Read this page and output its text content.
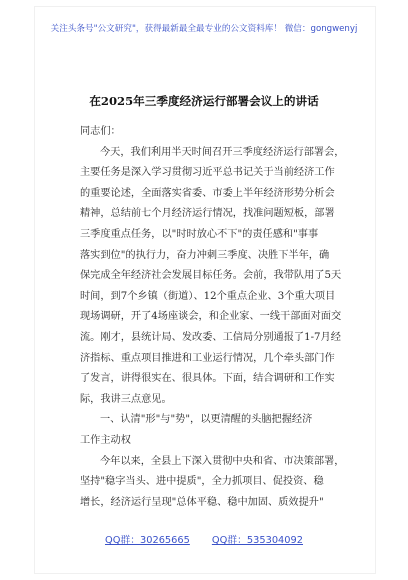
关注头条号"公文研究"，获得最新最全最专业的公文资料库！ 微信：gongwenyj
在2025年三季度经济运行部署会议上的讲话
同志们：
今天，我们利用半天时间召开三季度经济运行部署会，
主要任务是深入学习贯彻习近平总书记关于当前经济工作
的重要论述，全面落实省委、市委上半年经济形势分析会
精神，总结前七个月经济运行情况，找准问题短板，部署
三季度重点任务，以"时时放心不下"的责任感和"事事
落实到位"的执行力，奋力冲刺三季度、决胜下半年，确
保完成全年经济社会发展目标任务。会前，我带队用了5天
时间，到7个乡镇（街道）、12个重点企业、3个重大项目
现场调研，开了4场座谈会，和企业家、一线干部面对面交
流。刚才，县统计局、发改委、工信局分别通报了1-7月经
济指标、重点项目推进和工业运行情况，几个牵头部门作
了发言，讲得很实在、很具体。下面，结合调研和工作实
际，我讲三点意见。
一、认清"形"与"势"，以更清醒的头脑把握经济
工作主动权
今年以来，全县上下深入贯彻中央和省、市决策部署，
坚持"稳字当头、进中提质"，全力抓项目、促投资、稳
增长，经济运行呈现"总体平稳、稳中加固、质效提升"
QQ群：30265665 QQ群：535304092
